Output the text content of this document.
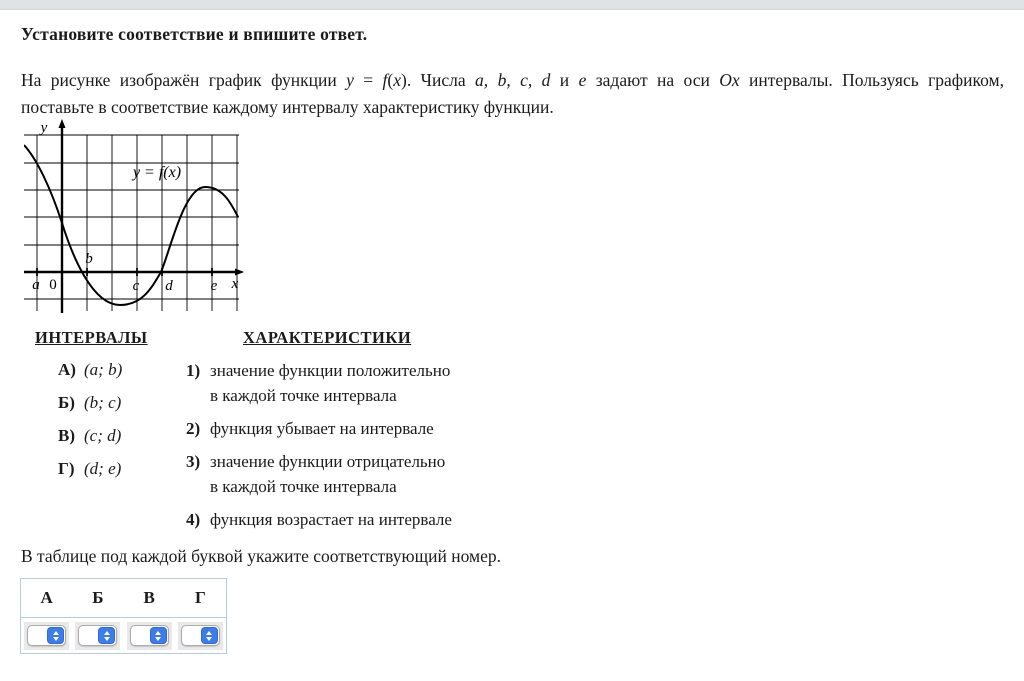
Установите соответствие и впишите ответ.
На рисунке изображён график функции y = f(x). Числа a, b, c, d и e задают на оси Ox интервалы. Пользуясь графиком,
поставьте в соответствие каждому интервалу характеристику функции.
y
x
0
a
b
c d	e
y = f(x)
ИНТЕРВАЛЫ	ХАРАКТЕРИСТИКИ
А) (a; b)
Б) (b; c)
В) (c; d)
Г) (d; e)
1) значение функции положительно
в каждой точке интервала
2) функция убывает на интервале
3) значение функции отрицательно
в каждой точке интервала
4) функция возрастает на интервале
В таблице под каждой буквой укажите соответствующий номер.
А	Б	В	Г
